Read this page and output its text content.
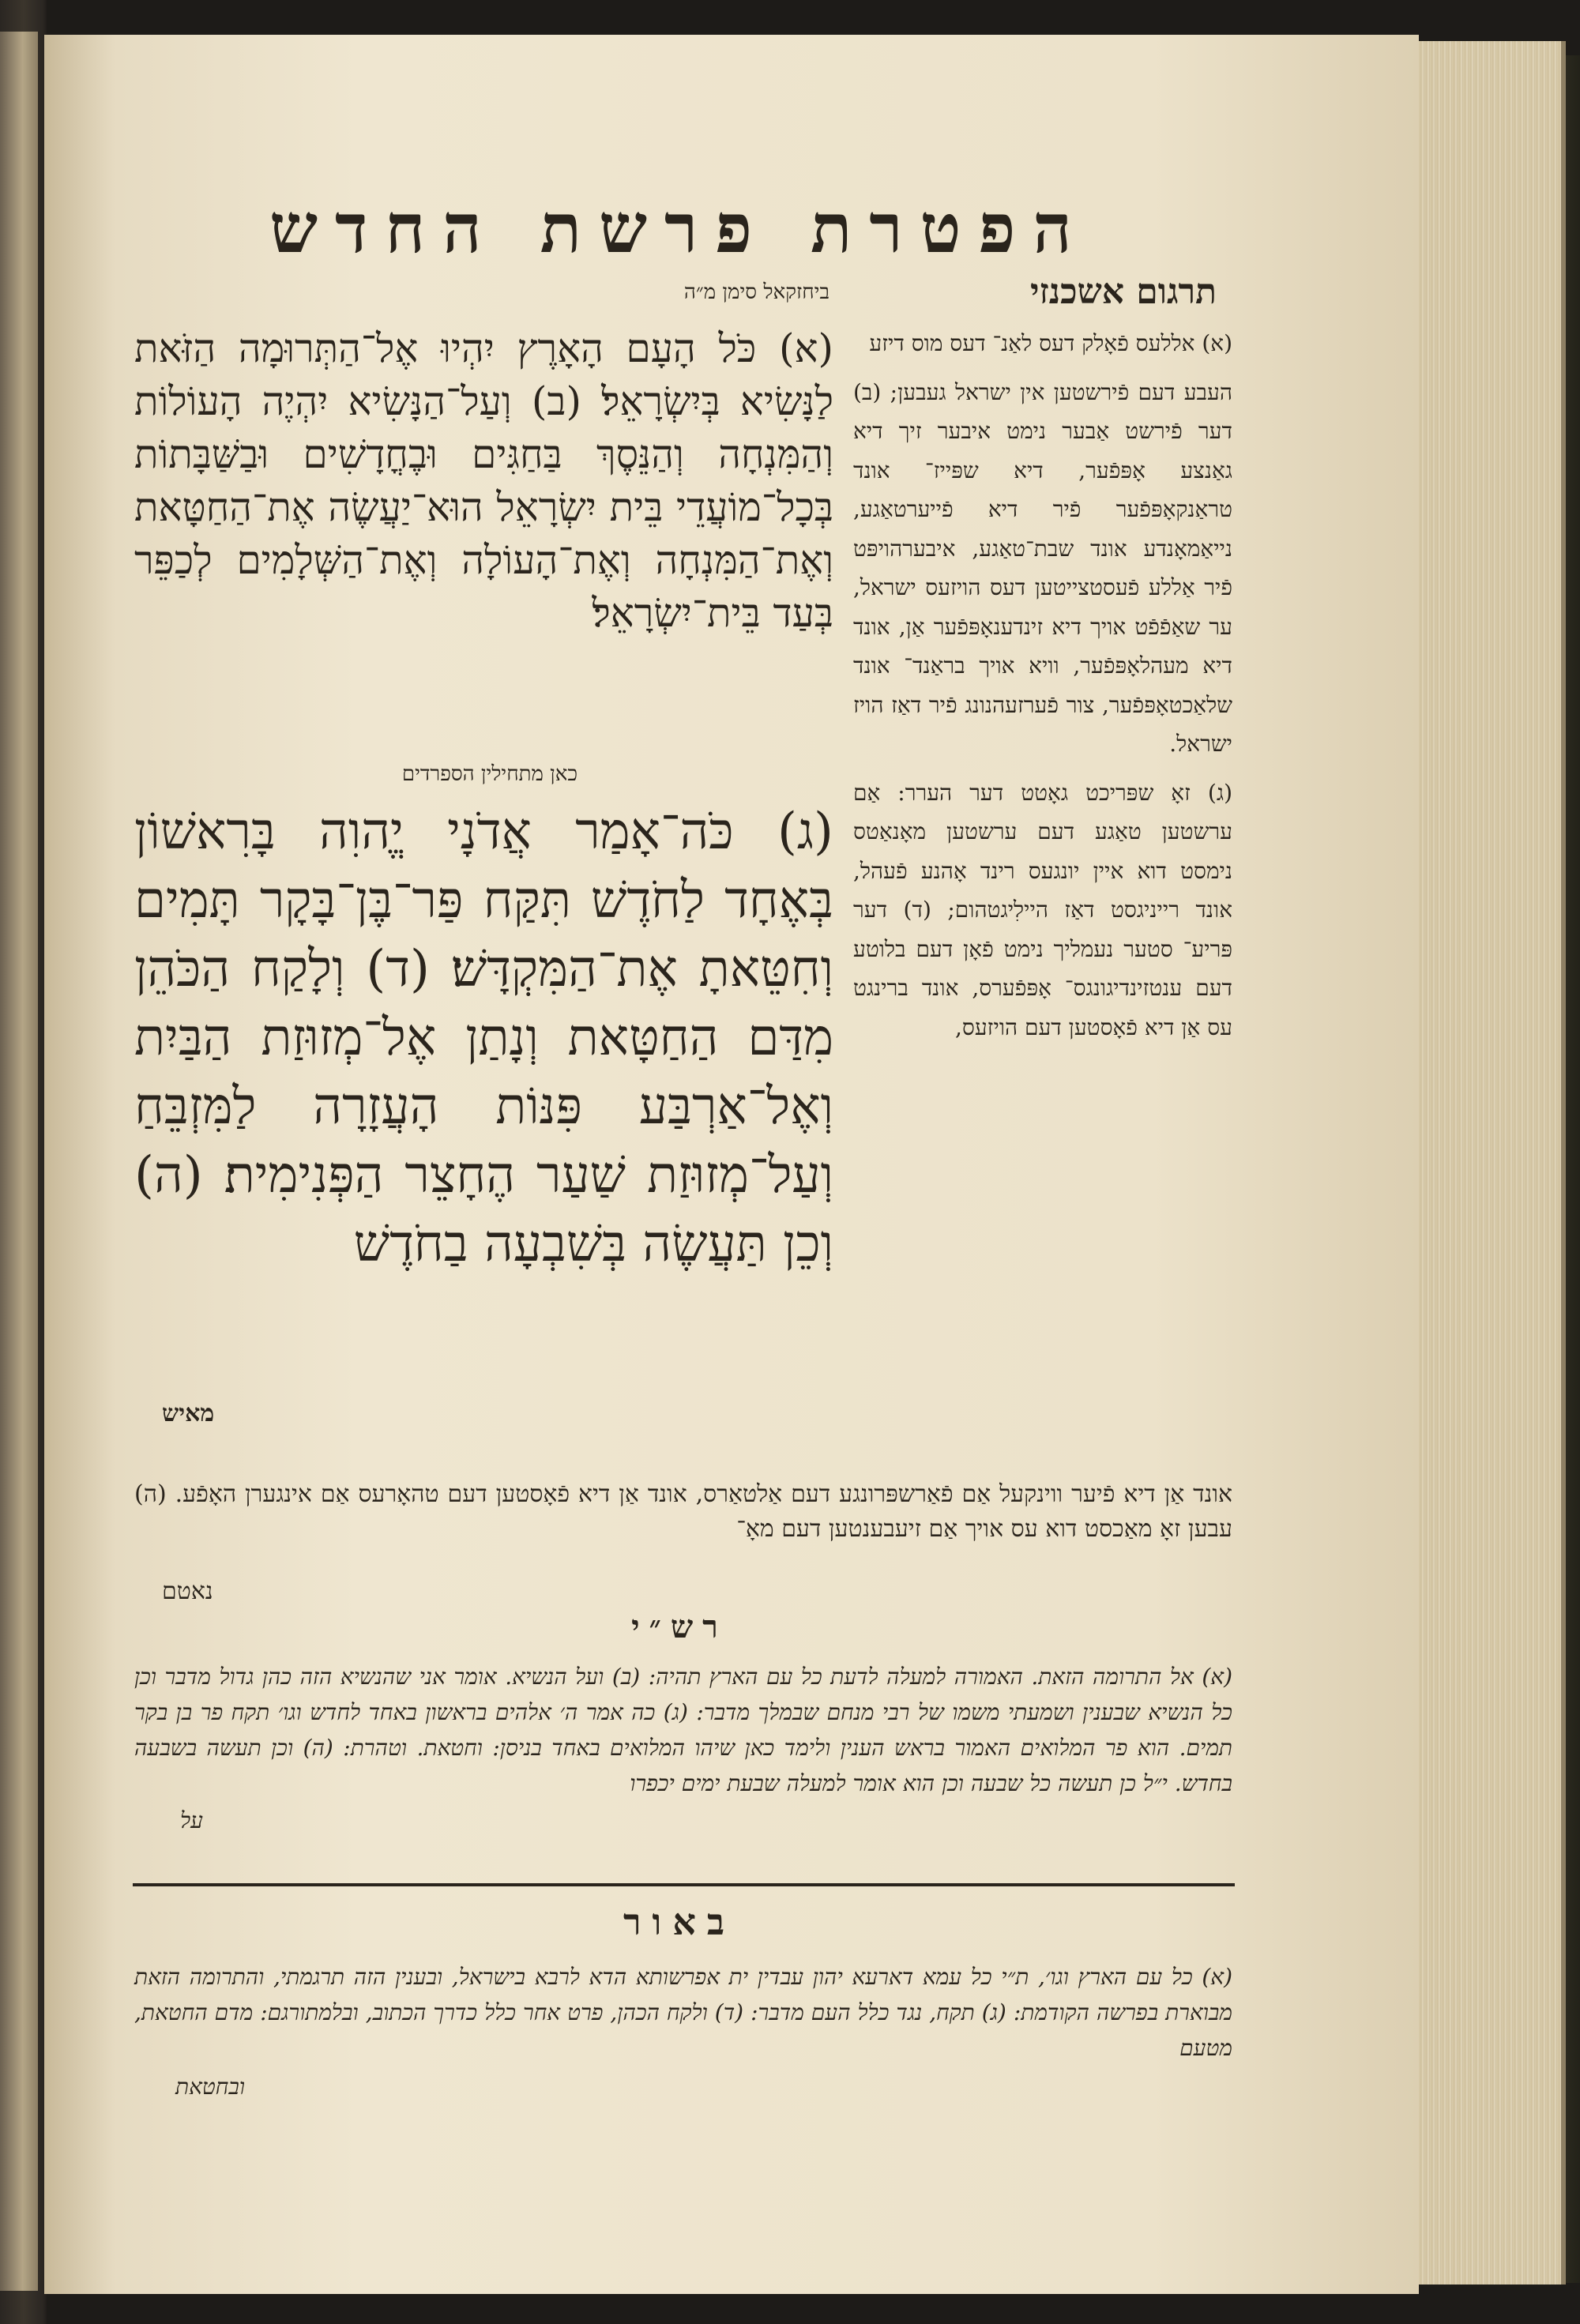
הפטרת פרשת החדש
תרגום אשכנזי
ביחזקאל סימן מ״ה

(א) אללעס פֿאָלק דעס לאַנ־ דעס מוס דיזע

העבע דעם פֿירשטען אין ישראל געבען; (ב) דער פֿירשט אַבער נימט איבער זיך דיא גאַנצע אָפּפֿער, דיא שפּייז־ אונד טראַנקאָפּפֿער פֿיר דיא פֿייערטאַגע, נייאַמאָנדע אונד שבת־טאַגע, איבערהויפּט פֿיר אַללע פֿעסטצייטען דעס הויזעס ישראל, ער שאַפֿפֿט אויך דיא זינדענאָפּפֿער אַן, אונד דיא מעהלאָפּפֿער, וויא אויך בראַנד־ אונד שלאַכטאָפּפֿער, צור פֿערזעהנונג פֿיר דאַז הויז ישראל.

(ג) זאָ שפּריכט גאָטט דער הערר: אַם ערשטען טאַגע דעם ערשטען מאָנאַטס נימסט דוא איין יונגעס רינד אָהנע פֿעהל, אונד רייניגסט דאַז היילִיגטהום; (ד) דער פּריע־ סטער נעמליך נימט פֿאָן דעם בלוטע דעם ענטזינדיגונגס־ אָפּפֿערס, אונד ברינגט עס אַן דיא פֿאָסטען דעם הויזעס,

(א) כֹּל הָעָם הָאָרֶץ יִהְיוּ אֶל־הַתְּרוּמָה הַזֹּאת לַנָּשִׂיא בְּיִשְׂרָאֵל׃ (ב) וְעַל־הַנָּשִׂיא יִהְיֶה הָעוֹלוֹת וְהַמִּנְחָה וְהַנֵּסֶךְ בַּחַגִּים וּבֶחֳדָשִׁים וּבַשַּׁבָּתוֹת בְּכָל־מוֹעֲדֵי בֵּית יִשְׂרָאֵל הוּא־יַעֲשֶׂה אֶת־הַחַטָּאת וְאֶת־הַמִּנְחָה וְאֶת־הָעוֹלָה וְאֶת־הַשְּׁלָמִים לְכַפֵּר בְּעַד בֵּית־יִשְׂרָאֵל׃

כאן מתחילין הספרדים

(ג) כֹּה־אָמַר אֲדֹנָי יֱהוִה בָּרִאשׁוֹן בְּאֶחָד לַחֹדֶשׁ תִּקַּח פַּר־בֶּן־בָּקָר תָּמִים וְחִטֵּאתָ אֶת־הַמִּקְדָּשׁ׃ (ד) וְלָקַח הַכֹּהֵן מִדַּם הַחַטָּאת וְנָתַן אֶל־מְזוּזַת הַבַּיִת וְאֶל־אַרְבַּע פִּנּוֹת הָעֲזָרָה לַמִּזְבֵּחַ וְעַל־מְזוּזַת שַׁעַר הֶחָצֵר הַפְּנִימִית׃ (ה) וְכֵן תַּעֲשֶׂה בְּשִׁבְעָה בַחֹדֶשׁ

מאיש

אונד אַן דיא פֿיער ווינקעל אַם פֿאַרשפּרונגע דעם אַלטאַרס, אונד אַן דיא פֿאָסטען דעם טהאָרעס אַם אינגערן האָפֿע. (ה) עבען זאָ מאַכסט דוא עס אויך אַם זיעבענטען דעם מאָ־

נאטם
רש״י

(א) אל התרומה הזאת. האמורה למעלה לדעת כל עם הארץ תהיה: (ב) ועל הנשיא. אומר אני שהנשיא הזה כהן גדול מדבר וכן כל הנשיא שבענין ושמעתי משמו של רבי מנחם שבמלך מדבר: (ג) כה אמר ה׳ אלהים בראשון באחד לחדש וגו׳ תקח פר בן בקר תמים. הוא פר המלואים האמור בראש הענין ולימד כאן שיהו המלואים באחד בניסן: וחטאת. וטהרת: (ה) וכן תעשה בשבעה בחדש. י״ל כן תעשה כל שבעה וכן הוא אומר למעלה שבעת ימים יכפרו

על
באור

(א) כל עם הארץ וגו׳, ת״י כל עמא דארעא יהון עבדין ית אפרשותא הדא לרבא בישראל, ובענין הזה תרגמתי, והתרומה הזאת מבוארת בפרשה הקודמת: (ג) תקח, נגד כלל העם מדבר: (ד) ולקח הכהן, פרט אחר כלל כדרך הכתוב, ובלמתורגם: מדם החטאת, מטעם

ובחטאת
